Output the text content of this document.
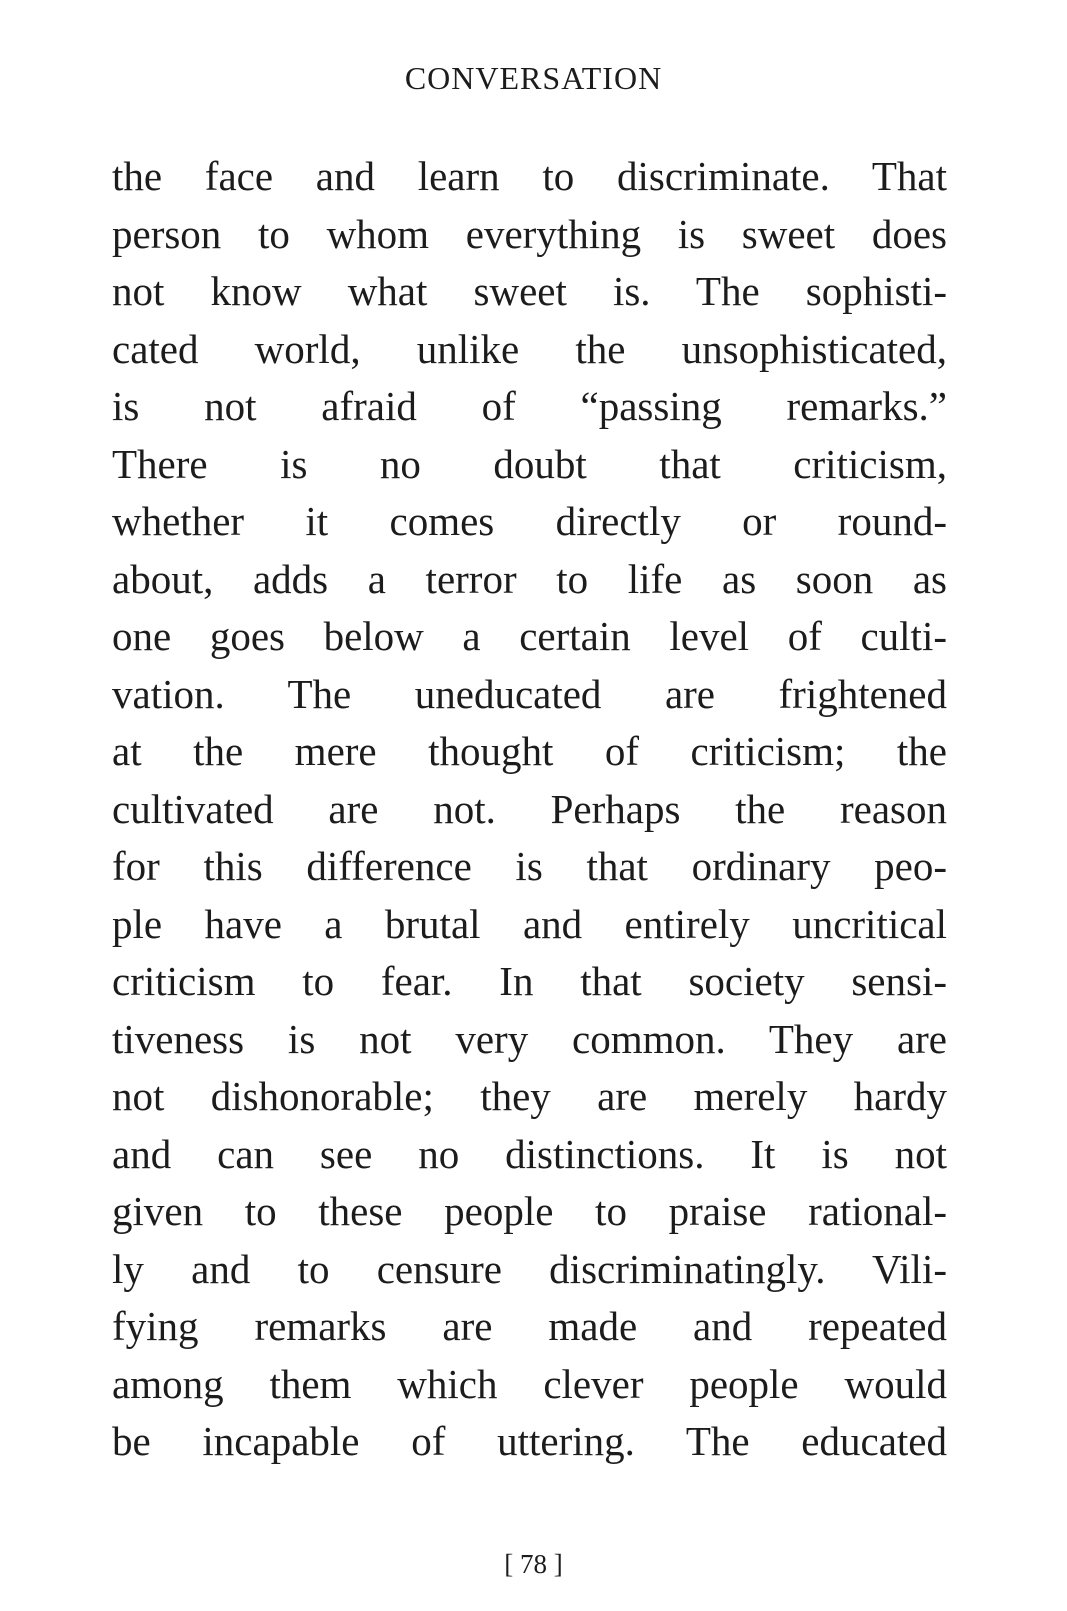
CONVERSATION
the face and learn to discriminate. That
person to whom everything is sweet does
not know what sweet is. The sophisti-
cated world, unlike the unsophisticated,
is not afraid of “passing remarks.”
There is no doubt that criticism,
whether it comes directly or round-
about, adds a terror to life as soon as
one goes below a certain level of culti-
vation. The uneducated are frightened
at the mere thought of criticism; the
cultivated are not. Perhaps the reason
for this difference is that ordinary peo-
ple have a brutal and entirely uncritical
criticism to fear. In that society sensi-
tiveness is not very common. They are
not dishonorable; they are merely hardy
and can see no distinctions. It is not
given to these people to praise rational-
ly and to censure discriminatingly. Vili-
fying remarks are made and repeated
among them which clever people would
be incapable of uttering. The educated
[ 78 ]
